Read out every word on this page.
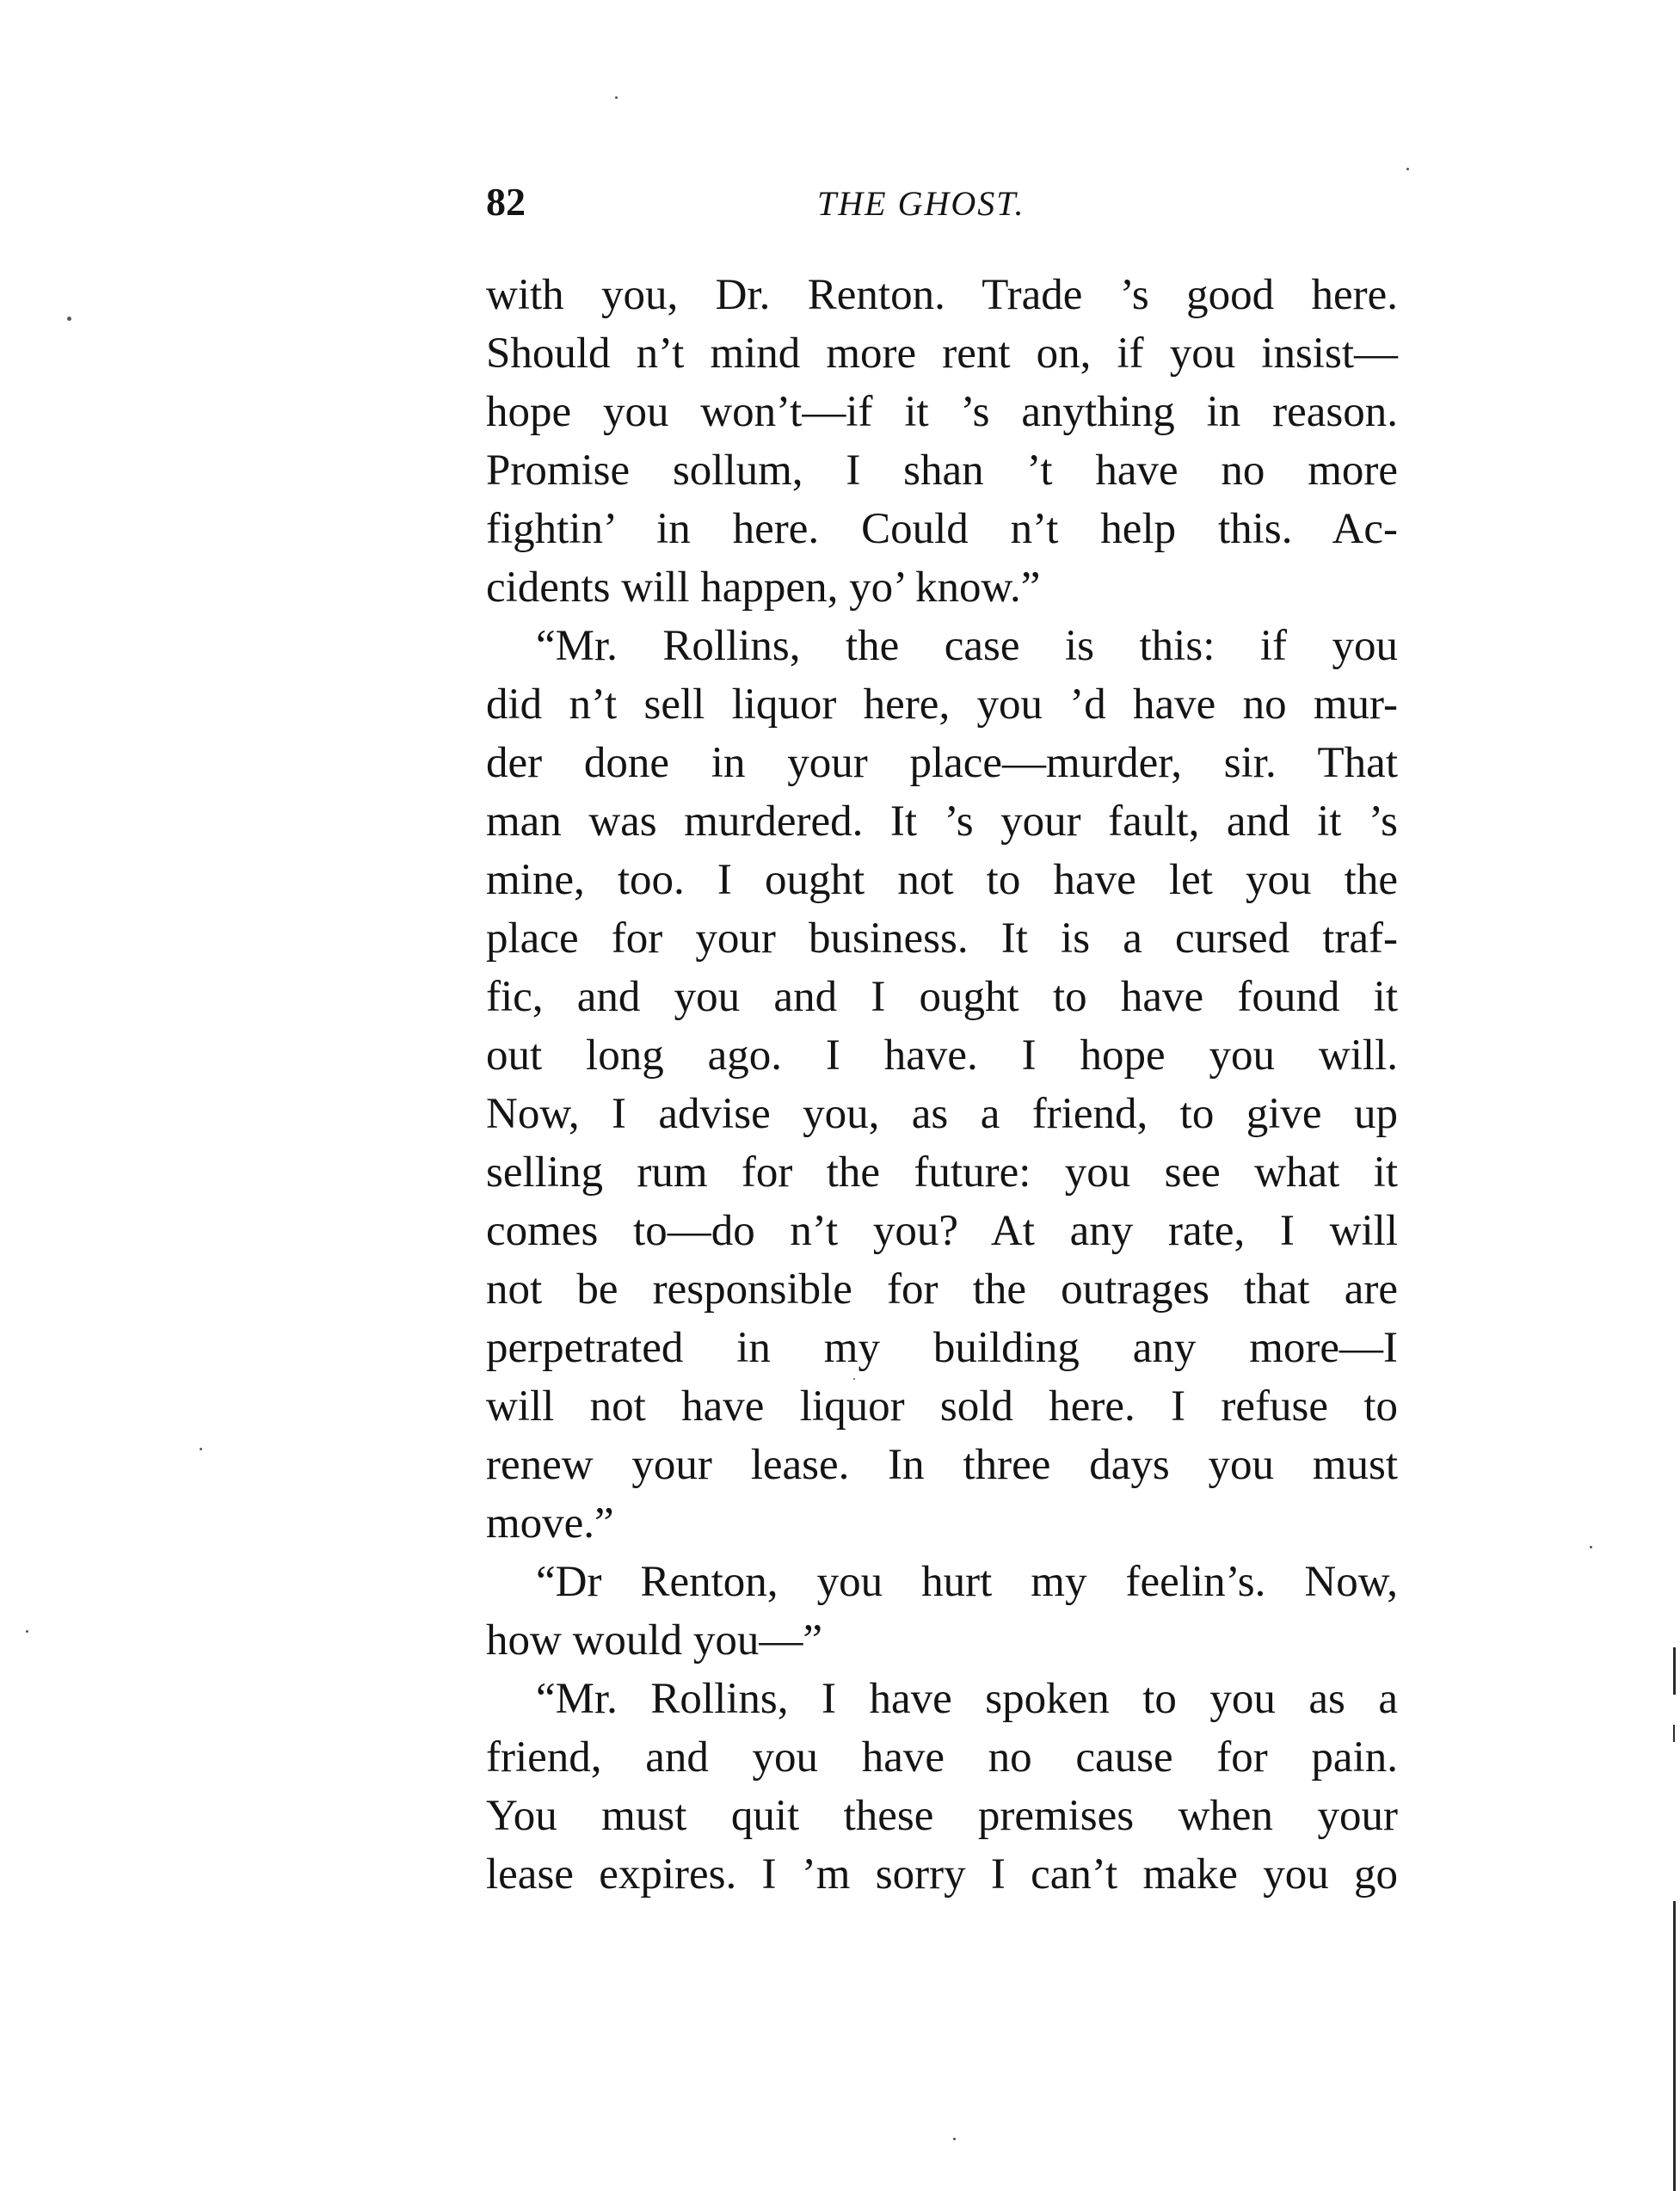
82	THE GHOST.
with you, Dr. Renton. Trade ’s good here.
Should n’t mind more rent on, if you insist—
hope you won’t—if it ’s anything in reason.
Promise sollum, I shan ’t have no more
fightin’ in here. Could n’t help this. Ac-
cidents will happen, yo’ know.”
“Mr. Rollins, the case is this: if you
did n’t sell liquor here, you ’d have no mur-
der done in your place—murder, sir. That
man was murdered. It ’s your fault, and it ’s
mine, too. I ought not to have let you the
place for your business. It is a cursed traf-
fic, and you and I ought to have found it
out long ago. I have. I hope you will.
Now, I advise you, as a friend, to give up
selling rum for the future: you see what it
comes to—do n’t you? At any rate, I will
not be responsible for the outrages that are
perpetrated in my building any more—I
will not have liquor sold here. I refuse to
renew your lease. In three days you must
move.”
“Dr Renton, you hurt my feelin’s. Now,
how would you—”
“Mr. Rollins, I have spoken to you as a
friend, and you have no cause for pain.
You must quit these premises when your
lease expires. I ’m sorry I can’t make you go
